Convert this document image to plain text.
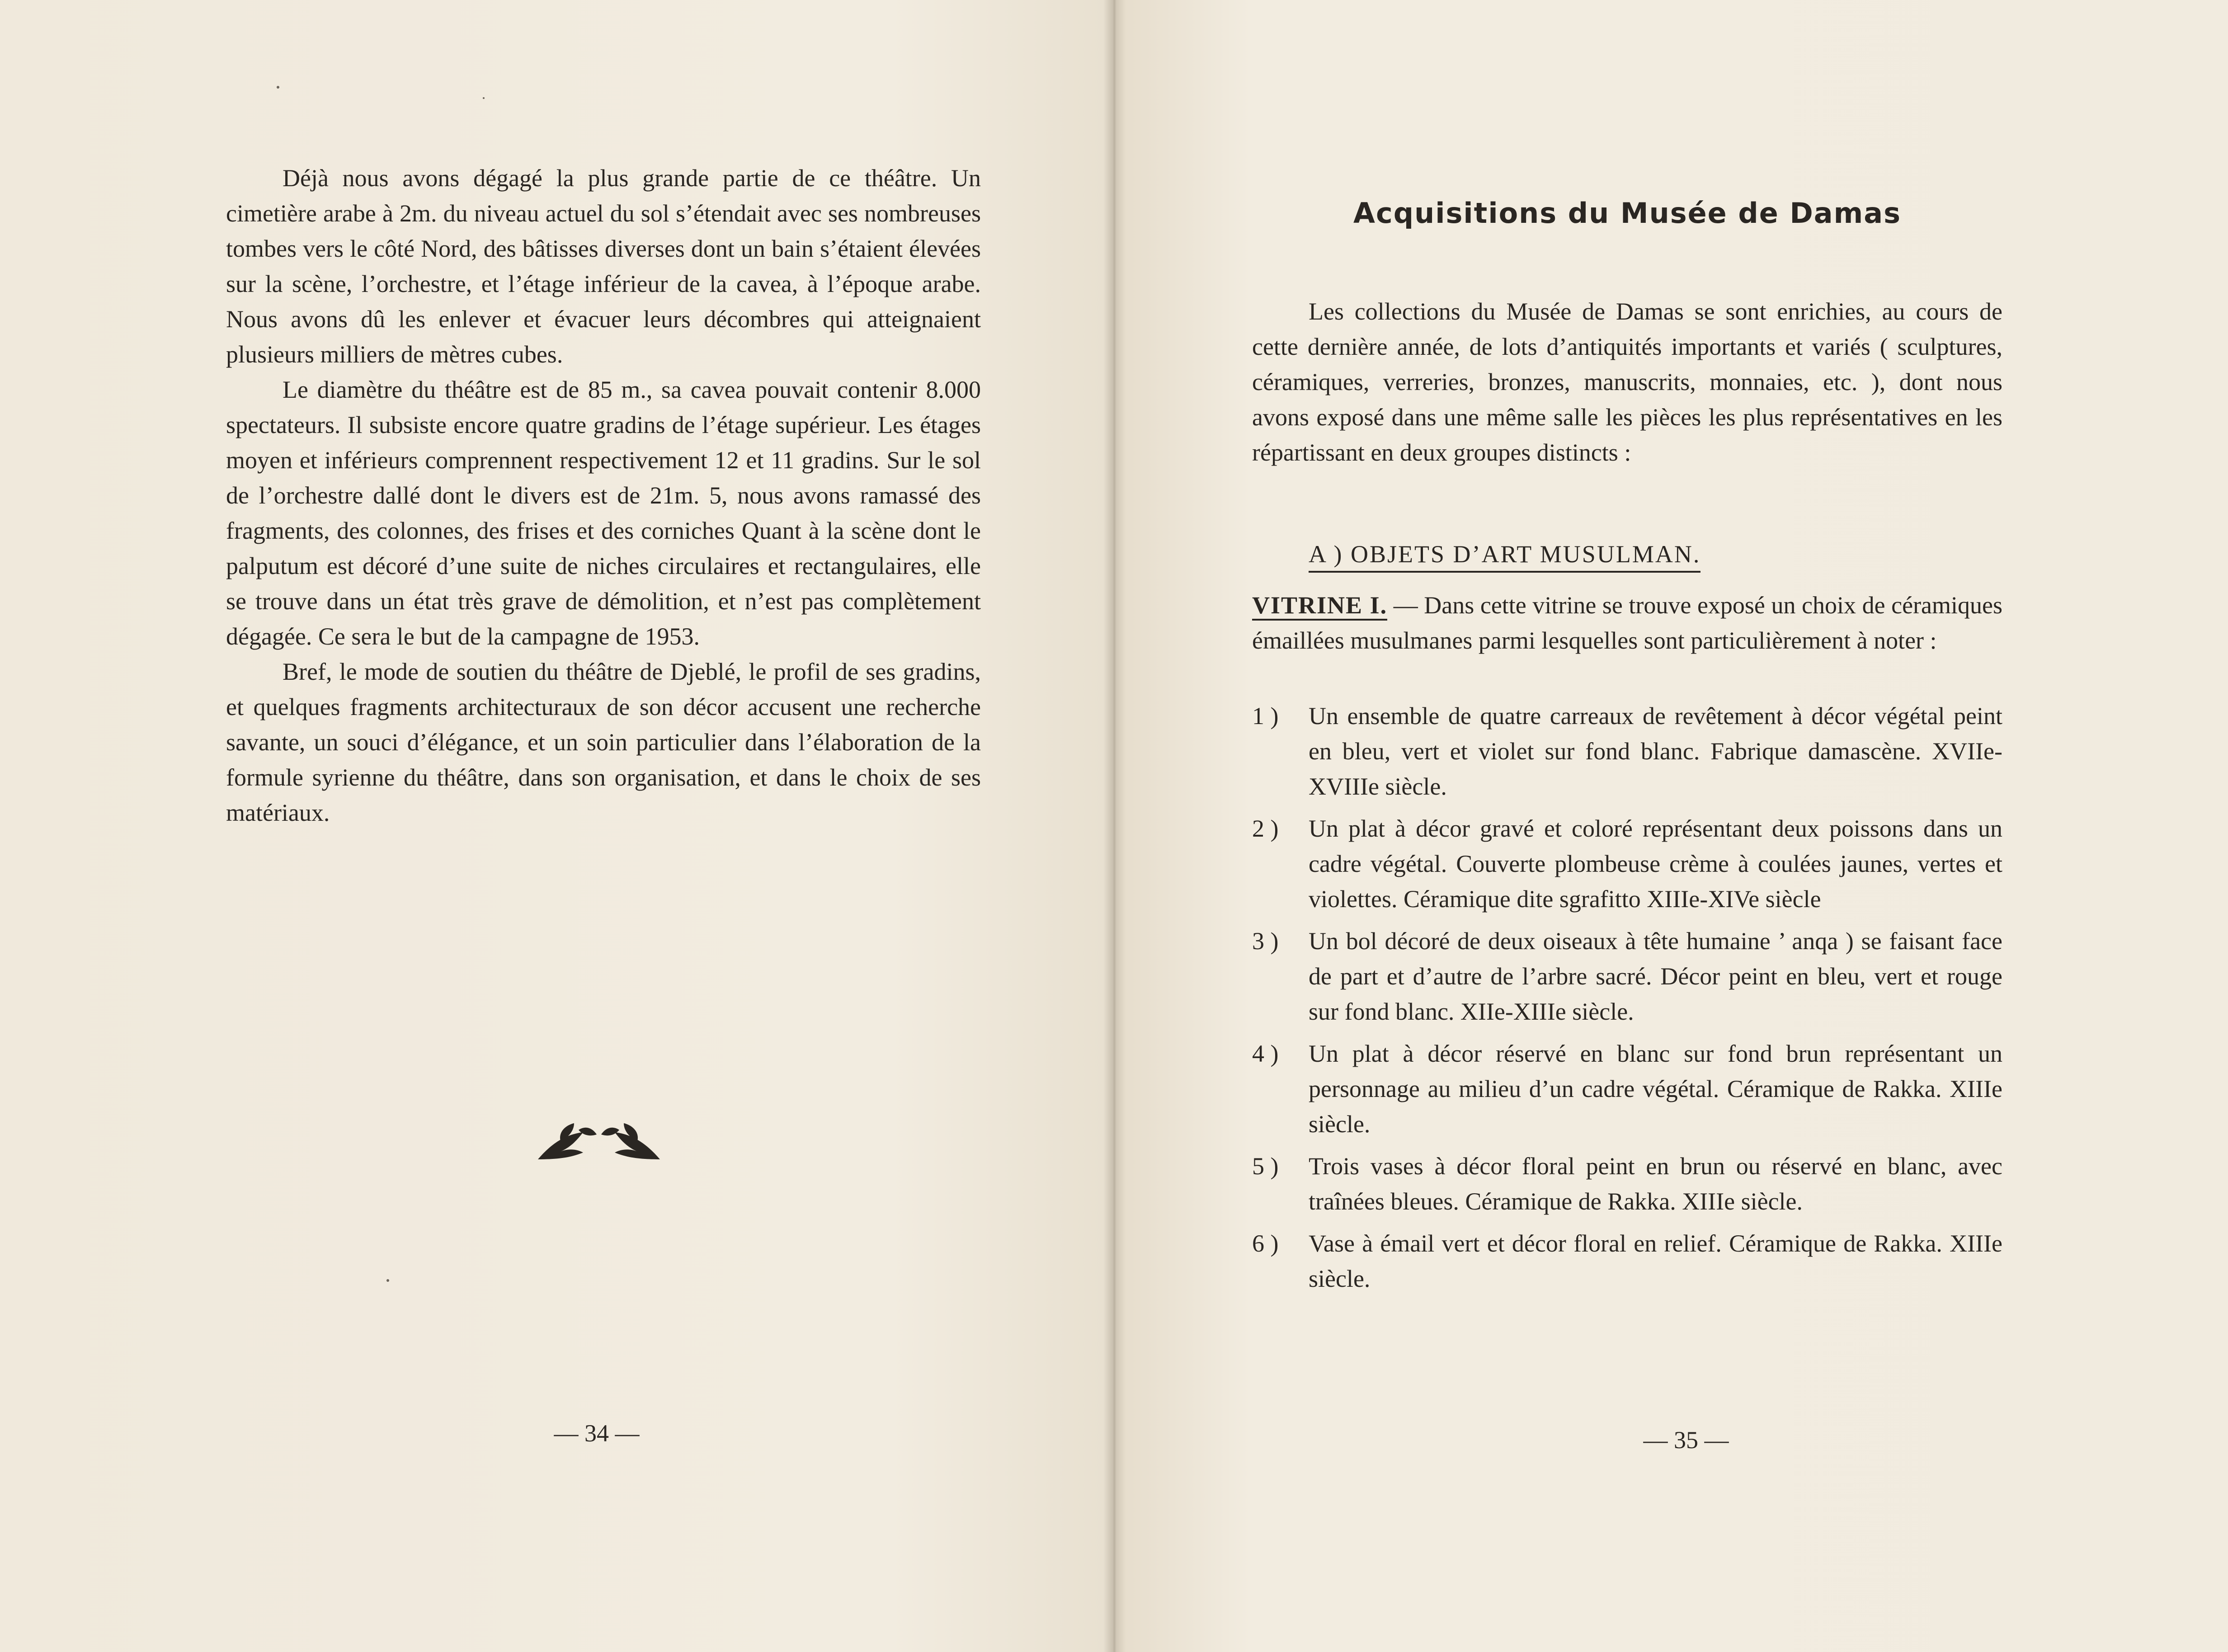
Déjà nous avons dégagé la plus grande partie de ce théâtre. Un cimetière arabe à 2m. du niveau actuel du sol s’étendait avec ses nombreuses tombes vers le côté Nord, des bâtisses diverses dont un bain s’étaient élevées sur la scène, l’orchestre, et l’étage inférieur de la cavea, à l’époque arabe. Nous avons dû les enlever et évacuer leurs décombres qui atteignaient plusieurs milliers de mètres cubes.

Le diamètre du théâtre est de 85 m., sa cavea pouvait contenir 8.000 spectateurs. Il subsiste encore quatre gradins de l’étage supérieur. Les étages moyen et inférieurs comprennent respectivement 12 et 11 gradins. Sur le sol de l’orchestre dallé dont le divers est de 21m. 5, nous avons ramassé des fragments, des colonnes, des frises et des corniches Quant à la scène dont le palputum est décoré d’une suite de niches circulaires et rectangulaires, elle se trouve dans un état très grave de démolition, et n’est pas complètement dégagée. Ce sera le but de la campagne de 1953.

Bref, le mode de soutien du théâtre de Djeblé, le profil de ses gradins, et quelques fragments architecturaux de son décor accusent une recherche savante, un souci d’élégance, et un soin particulier dans l’élaboration de la formule syrienne du théâtre, dans son organisation, et dans le choix de ses matériaux.

— 34 —
Acquisitions du Musée de Damas

Les collections du Musée de Damas se sont enrichies, au cours de cette dernière année, de lots d’antiquités importants et variés ( sculptures, céramiques, verreries, bronzes, manuscrits, monnaies, etc. ), dont nous avons exposé dans une même salle les pièces les plus représentatives en les répartissant en deux groupes distincts :

A ) OBJETS D’ART MUSULMAN.
VITRINE I. — Dans cette vitrine se trouve exposé un choix de céramiques émaillées musulmanes parmi lesquelles sont particulièrement à noter :
1 )	Un ensemble de quatre carreaux de revêtement à décor végétal peint en bleu, vert et violet sur fond blanc. Fabrique damascène. XVIIe-XVIIIe siècle.
2 )	Un plat à décor gravé et coloré représentant deux poissons dans un cadre végétal. Couverte plombeuse crème à coulées jaunes, vertes et violettes. Céramique dite sgrafitto XIIIe-XIVe siècle
3 )	Un bol décoré de deux oiseaux à tête humaine ’ anqa ) se faisant face de part et d’autre de l’arbre sacré. Décor peint en bleu, vert et rouge sur fond blanc. XIIe-XIIIe siècle.
4 )	Un plat à décor réservé en blanc sur fond brun représentant un personnage au milieu d’un cadre végétal. Céramique de Rakka. XIIIe siècle.
5 )	Trois vases à décor floral peint en brun ou réservé en blanc, avec traînées bleues. Céramique de Rakka. XIIIe siècle.
6 )	Vase à émail vert et décor floral en relief. Céramique de Rakka. XIIIe siècle.
— 35 —
